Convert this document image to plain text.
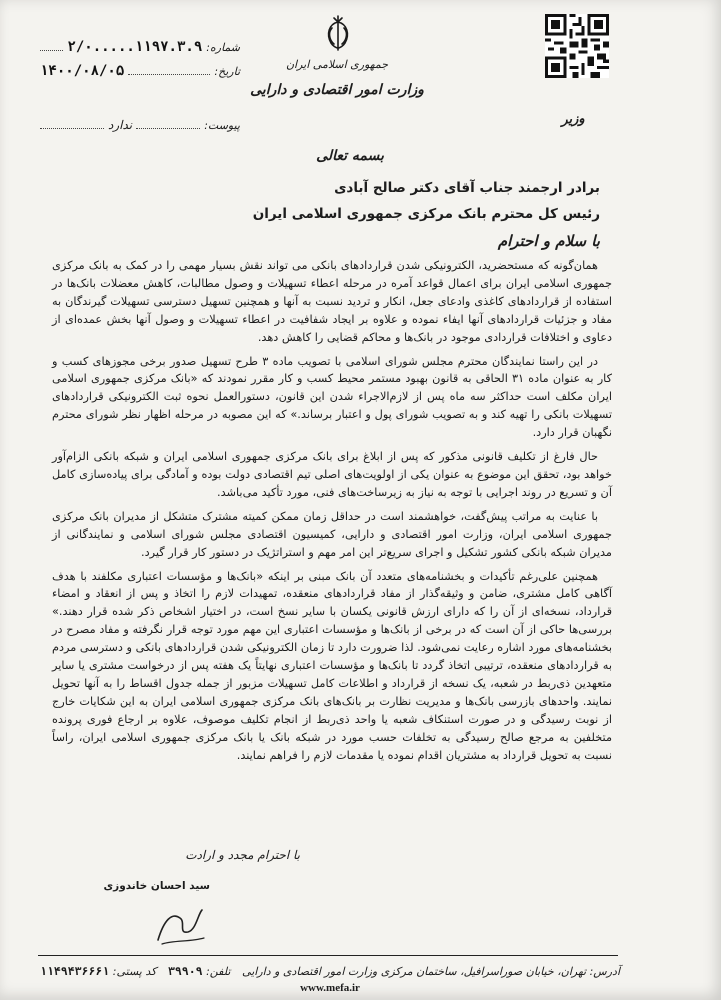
وزیر
جمهوری اسلامی ایران
وزارت امور اقتصادی و دارایی
شماره:
۱۱۹۷.۳.۹.....۲/۰
تاریخ:
۱۴۰۰/۰۸/۰۵
پیوست:
ندارد
بسمه تعالی
برادر ارجمند جناب آقای دکتر صالح آبادی
رئیس کل محترم بانک مرکزی جمهوری اسلامی ایران
با سلام و احترام

همان‌گونه که مستحضرید، الکترونیکی شدن قراردادهای بانکی می تواند نقش بسیار مهمی را در کمک به بانک مرکزی جمهوری اسلامی ایران برای اعمال قواعد آمره در مرحله اعطاء تسهیلات و وصول مطالبات، کاهش معضلات بانک‌ها در استفاده از قراردادهای کاغذی وادعای جعل، انکار و تردید نسبت به آنها و همچنین تسهیل دسترسی تسهیلات گیرندگان به مفاد و جزئیات قراردادهای آنها ایفاء نموده و علاوه بر ایجاد شفافیت در اعطاء تسهیلات و وصول آنها بخش عمده‌ای از دعاوی و اختلافات قراردادی موجود در بانک‌ها و محاکم قضایی را کاهش دهد.

در این راستا نمایندگان محترم مجلس شورای اسلامی با تصویب ماده ۳ طرح تسهیل صدور برخی مجوزهای کسب و کار به عنوان ماده ۳۱ الحاقی به قانون بهبود مستمر محیط کسب و کار مقرر نمودند که «بانک مرکزی جمهوری اسلامی ایران مکلف است حداکثر سه ماه پس از لازم‌الاجراء شدن این قانون، دستورالعمل نحوه ثبت الکترونیکی قراردادهای تسهیلات بانکی را تهیه کند و به تصویب شورای پول و اعتبار برساند.» که این مصوبه در مرحله اظهار نظر شورای محترم نگهبان قرار دارد.

حال فارغ از تکلیف قانونی مذکور که پس از ابلاغ برای بانک مرکزی جمهوری اسلامی ایران و شبکه بانکی الزام‌آور خواهد بود، تحقق این موضوع به عنوان یکی از اولویت‌های اصلی تیم اقتصادی دولت بوده و آمادگی برای پیاده‌سازی کامل آن و تسریع در روند اجرایی با توجه به نیاز به زیرساخت‌های فنی، مورد تأکید می‌باشد.

با عنایت به مراتب پیش‌گفت، خواهشمند است در حداقل زمان ممکن کمیته مشترک متشکل از مدیران بانک مرکزی جمهوری اسلامی ایران، وزارت امور اقتصادی و دارایی، کمیسیون اقتصادی مجلس شورای اسلامی و نمایندگانی از مدیران شبکه بانکی کشور تشکیل و اجرای سریع‌تر این امر مهم و استراتژیک در دستور کار قرار گیرد.

همچنین علی‌رغم تأکیدات و بخشنامه‌های متعدد آن بانک مبنی بر اینکه «بانک‌ها و مؤسسات اعتباری مکلفند با هدف آگاهی کامل مشتری، ضامن و وثیقه‌گذار از مفاد قراردادهای منعقده، تمهیدات لازم را اتخاذ و پس از انعقاد و امضاء قرارداد، نسخه‌ای از آن را که دارای ارزش قانونی یکسان با سایر نسخ است، در اختیار اشخاص ذکر شده قرار دهند.» بررسی‌ها حاکی از آن است که در برخی از بانک‌ها و مؤسسات اعتباری این مهم مورد توجه قرار نگرفته و مفاد مصرح در بخشنامه‌های مورد اشاره رعایت نمی‌شود. لذا ضرورت دارد تا زمان الکترونیکی شدن قراردادهای بانکی و دسترسی مردم به قراردادهای منعقده، ترتیبی اتخاذ گردد تا بانک‌ها و مؤسسات اعتباری نهایتاً یک هفته پس از درخواست مشتری یا سایر متعهدین ذی‌ربط در شعبه، یک نسخه از قرارداد و اطلاعات کامل تسهیلات مزبور از جمله جدول اقساط را به آنها تحویل نمایند. واحدهای بازرسی بانک‌ها و مدیریت نظارت بر بانک‌های بانک مرکزی جمهوری اسلامی ایران به این شکایات خارج از نوبت رسیدگی و در صورت استنکاف شعبه یا واحد ذی‌ربط از انجام تکلیف موصوف، علاوه بر ارجاع فوری پرونده متخلفین به مرجع صالح رسیدگی به تخلفات حسب مورد در شبکه بانک یا بانک مرکزی جمهوری اسلامی ایران، راساً نسبت به تحویل قرارداد به مشتریان اقدام نموده یا مقدمات لازم را فراهم نمایند.

با احترام مجدد و ارادت
سید احسان خاندوزی
آدرس: تهران، خیابان صوراسرافیل، ساختمان مرکزی وزارت امور اقتصادی و دارایی
تلفن: ۳۹۹۰۹
کد پستی: ۱۱۴۹۴۳۶۶۶۱
www.mefa.ir
